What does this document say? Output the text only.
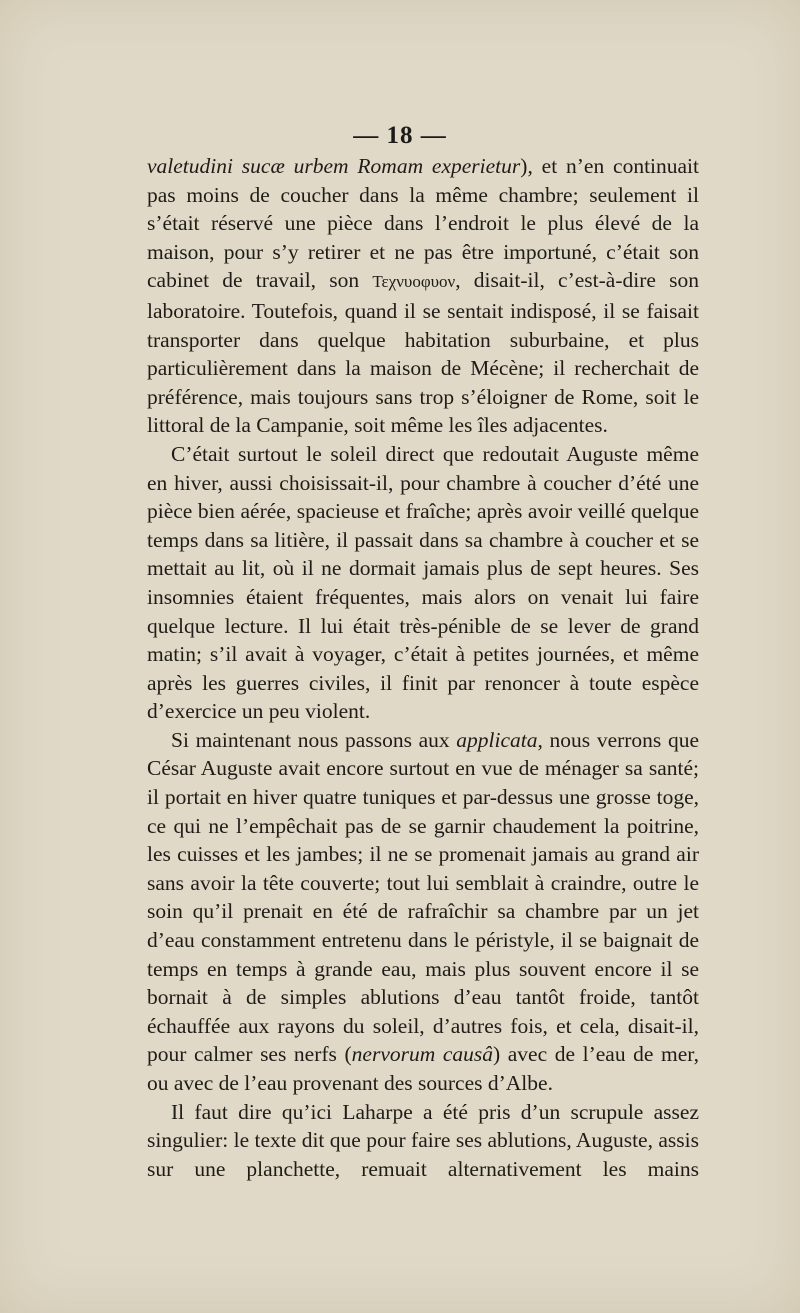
— 18 —

valetudini sucæ urbem Romam experietur), et n’en continuait pas moins de coucher dans la même chambre; seulement il s’était réservé une pièce dans l’endroit le plus élevé de la maison, pour s’y retirer et ne pas être importuné, c’était son cabinet de travail, son Τεχνυοφυον, disait-il, c’est-à-dire son laboratoire. Toutefois, quand il se sentait indisposé, il se faisait transporter dans quelque habitation suburbaine, et plus particulièrement dans la maison de Mécène; il recherchait de préférence, mais toujours sans trop s’éloigner de Rome, soit le littoral de la Campanie, soit même les îles adjacentes.

C’était surtout le soleil direct que redoutait Auguste même en hiver, aussi choisissait-il, pour chambre à coucher d’été une pièce bien aérée, spacieuse et fraîche; après avoir veillé quelque temps dans sa litière, il passait dans sa chambre à coucher et se mettait au lit, où il ne dormait jamais plus de sept heures. Ses insomnies étaient fréquentes, mais alors on venait lui faire quelque lecture. Il lui était très-pénible de se lever de grand matin; s’il avait à voyager, c’était à petites journées, et même après les guerres civiles, il finit par renoncer à toute espèce d’exercice un peu violent.

Si maintenant nous passons aux applicata, nous verrons que César Auguste avait encore surtout en vue de ménager sa santé; il portait en hiver quatre tuniques et par-dessus une grosse toge, ce qui ne l’empêchait pas de se garnir chaudement la poitrine, les cuisses et les jambes; il ne se promenait jamais au grand air sans avoir la tête couverte; tout lui semblait à craindre, outre le soin qu’il prenait en été de rafraîchir sa chambre par un jet d’eau constamment entretenu dans le péristyle, il se baignait de temps en temps à grande eau, mais plus souvent encore il se bornait à de simples ablutions d’eau tantôt froide, tantôt échauffée aux rayons du soleil, d’autres fois, et cela, disait-il, pour calmer ses nerfs (nervorum causâ) avec de l’eau de mer, ou avec de l’eau provenant des sources d’Albe.

Il faut dire qu’ici Laharpe a été pris d’un scrupule assez singulier: le texte dit que pour faire ses ablutions, Auguste, assis sur une planchette, remuait alternativement les mains
